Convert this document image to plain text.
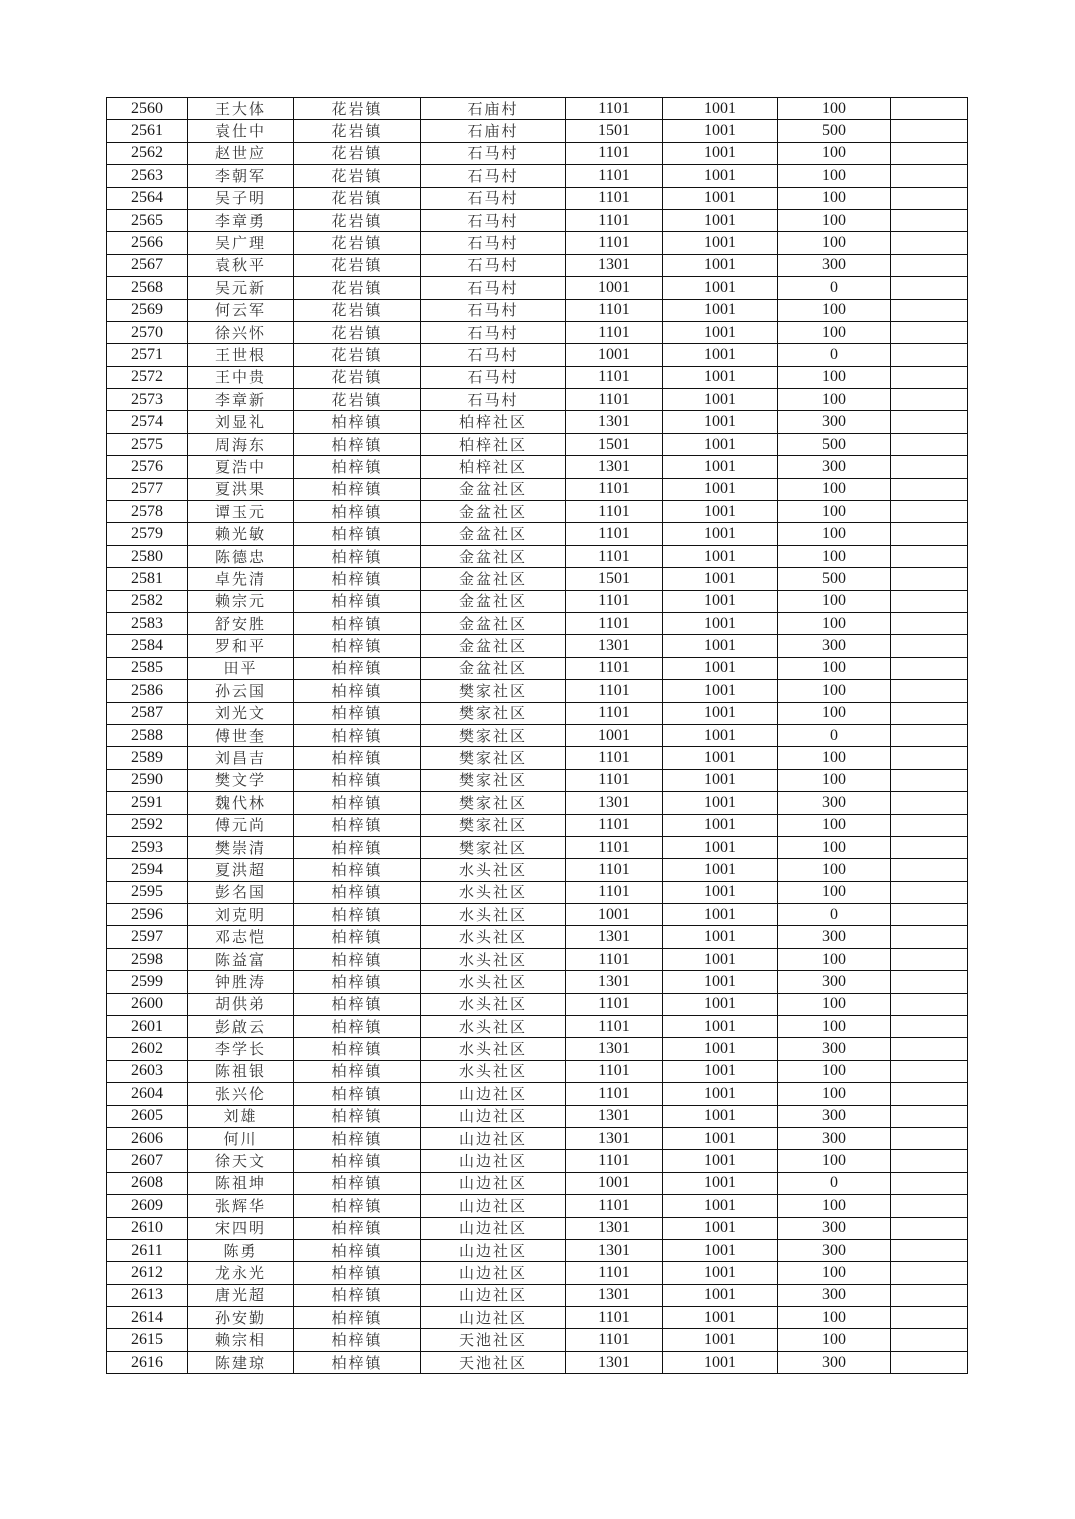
2560	王大体	花岩镇	石庙村	1101	1001	100	
2561	袁仕中	花岩镇	石庙村	1501	1001	500	
2562	赵世应	花岩镇	石马村	1101	1001	100	
2563	李朝军	花岩镇	石马村	1101	1001	100	
2564	吴子明	花岩镇	石马村	1101	1001	100	
2565	李章勇	花岩镇	石马村	1101	1001	100	
2566	吴广理	花岩镇	石马村	1101	1001	100	
2567	袁秋平	花岩镇	石马村	1301	1001	300	
2568	吴元新	花岩镇	石马村	1001	1001	0	
2569	何云军	花岩镇	石马村	1101	1001	100	
2570	徐兴怀	花岩镇	石马村	1101	1001	100	
2571	王世根	花岩镇	石马村	1001	1001	0	
2572	王中贵	花岩镇	石马村	1101	1001	100	
2573	李章新	花岩镇	石马村	1101	1001	100	
2574	刘显礼	柏梓镇	柏梓社区	1301	1001	300	
2575	周海东	柏梓镇	柏梓社区	1501	1001	500	
2576	夏浩中	柏梓镇	柏梓社区	1301	1001	300	
2577	夏洪果	柏梓镇	金盆社区	1101	1001	100	
2578	谭玉元	柏梓镇	金盆社区	1101	1001	100	
2579	赖光敏	柏梓镇	金盆社区	1101	1001	100	
2580	陈德忠	柏梓镇	金盆社区	1101	1001	100	
2581	卓先清	柏梓镇	金盆社区	1501	1001	500	
2582	赖宗元	柏梓镇	金盆社区	1101	1001	100	
2583	舒安胜	柏梓镇	金盆社区	1101	1001	100	
2584	罗和平	柏梓镇	金盆社区	1301	1001	300	
2585	田平	柏梓镇	金盆社区	1101	1001	100	
2586	孙云国	柏梓镇	樊家社区	1101	1001	100	
2587	刘光文	柏梓镇	樊家社区	1101	1001	100	
2588	傅世奎	柏梓镇	樊家社区	1001	1001	0	
2589	刘昌吉	柏梓镇	樊家社区	1101	1001	100	
2590	樊文学	柏梓镇	樊家社区	1101	1001	100	
2591	魏代林	柏梓镇	樊家社区	1301	1001	300	
2592	傅元尚	柏梓镇	樊家社区	1101	1001	100	
2593	樊崇清	柏梓镇	樊家社区	1101	1001	100	
2594	夏洪超	柏梓镇	水头社区	1101	1001	100	
2595	彭名国	柏梓镇	水头社区	1101	1001	100	
2596	刘克明	柏梓镇	水头社区	1001	1001	0	
2597	邓志恺	柏梓镇	水头社区	1301	1001	300	
2598	陈益富	柏梓镇	水头社区	1101	1001	100	
2599	钟胜涛	柏梓镇	水头社区	1301	1001	300	
2600	胡供弟	柏梓镇	水头社区	1101	1001	100	
2601	彭啟云	柏梓镇	水头社区	1101	1001	100	
2602	李学长	柏梓镇	水头社区	1301	1001	300	
2603	陈祖银	柏梓镇	水头社区	1101	1001	100	
2604	张兴伦	柏梓镇	山边社区	1101	1001	100	
2605	刘雄	柏梓镇	山边社区	1301	1001	300	
2606	何川	柏梓镇	山边社区	1301	1001	300	
2607	徐天文	柏梓镇	山边社区	1101	1001	100	
2608	陈祖坤	柏梓镇	山边社区	1001	1001	0	
2609	张辉华	柏梓镇	山边社区	1101	1001	100	
2610	宋四明	柏梓镇	山边社区	1301	1001	300	
2611	陈勇	柏梓镇	山边社区	1301	1001	300	
2612	龙永光	柏梓镇	山边社区	1101	1001	100	
2613	唐光超	柏梓镇	山边社区	1301	1001	300	
2614	孙安勤	柏梓镇	山边社区	1101	1001	100	
2615	赖宗相	柏梓镇	天池社区	1101	1001	100	
2616	陈建琼	柏梓镇	天池社区	1301	1001	300	
